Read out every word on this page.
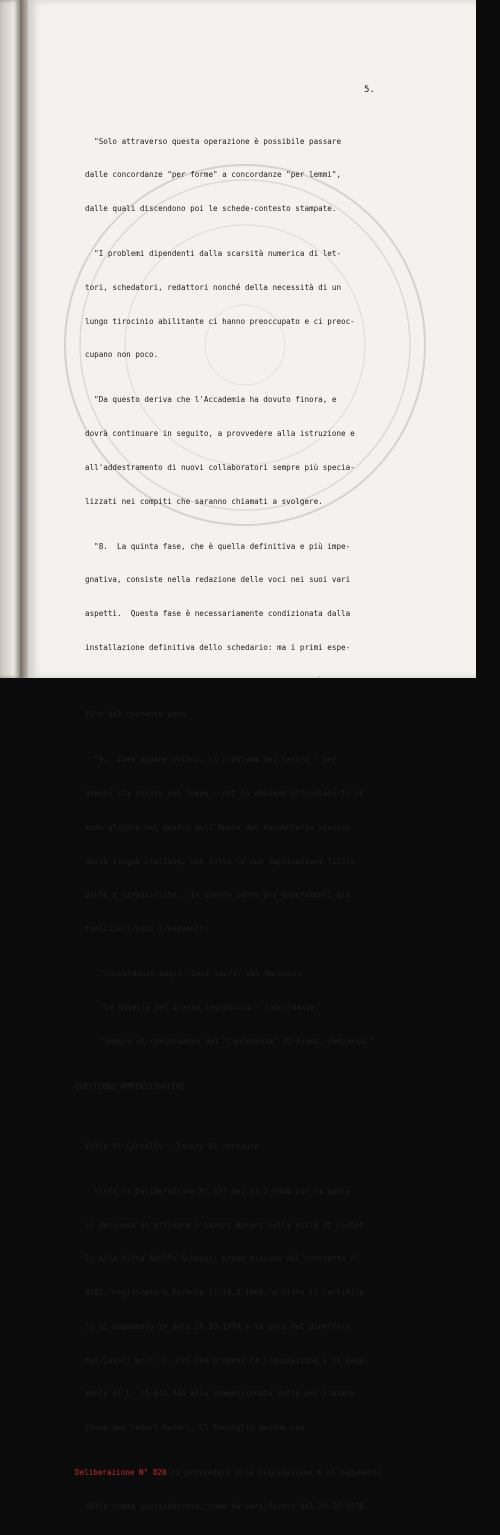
5.

"Solo attraverso questa operazione è possibile passare

dalle concordanze "per forme" a concordanze "per lemmi",

dalle quali discendono poi le schede-contesto stampate.

"I problemi dipendenti dalla scarsità numerica di let-

tori, schedatori, redattori nonché della necessità di un

lungo tirocinio abilitante ci hanno preoccupato e ci preoc-

cupano non poco.

"Da questo deriva che l'Accademia ha dovuto finora, e

dovrà continuare in seguito, a provvedere alla istruzione e

all'addestramento di nuovi collaboratori sempre più specia-

lizzati nei compiti che saranno chiamati a svolgere.

"8.  La quinta fase, che è quella definitiva e più impe-

gnativa, consiste nella redazione delle voci nei suoi vari

aspetti.  Questa fase è necessariamente condizionata dalla

installazione definitiva dello schedario: ma i primi espe-

fine del corrente anno.

"9.  Come appare chiaro, il problema del Tesoro - per

quanto sia chiuso nel tempo - noi lo abbiamo affrontato in un

modo globale nel quadro dell'Opera del Vocabolario storico

della lingua italiana, con tutte le sue implicazioni filolo-

giche e linguistiche.  In questo senso gli esperimenti già

realizzati sono i seguenti:

"Concordanze degli "Inni sacri" del Manzoni;

"Le Novelle del Grasso legnaiuolo - concordanze;

"Saggio di concordanze del "Canzoniere" di Franc. Petrarca."

QUESTIONI AMMINISTRATIVE

Villa di Castello - lavori di restauro.

Vista la Deliberazione N° 437 del 13.2.1968 con la quale

si decideva di affidare i lavori murari nella villa di Castel-

lo alla ditta Adolfo Scheggi; presa visione del contratto n°

4182, registrato a Firenze il 19.2.1968, e visto il certifica-

to di pagamento in data 30.10.1970 e la nota del direttore

dei lavori arch. C. Fei che propone la liquidazione e il paga-

mento di L. 29.442.740 alla summenzionata ditta per l'esecu-

zione dei lavori murari, il Consiglio decide con

Deliberazione N° 820 di provvedere alla liquidazione e al pagamento

della somma sopraindicata, come da certificato del 30.10.1970,
